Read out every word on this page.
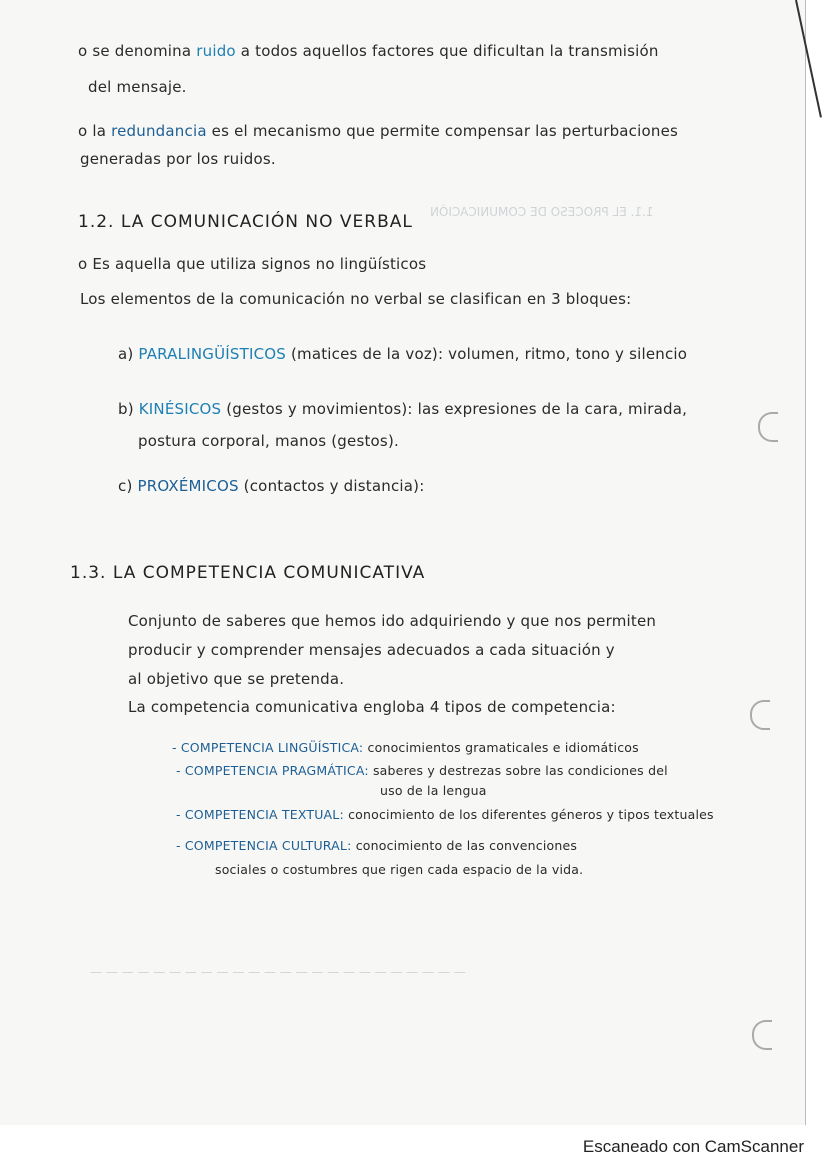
1.1. EL PROCESO DE COMUNICACIÓN
o se denomina ruido a todos aquellos factores que dificultan la transmisión
del mensaje.
o la redundancia es el mecanismo que permite compensar las perturbaciones
generadas por los ruidos.
1.2. LA COMUNICACIÓN NO VERBAL
o Es aquella que utiliza signos no lingüísticos
Los elementos de la comunicación no verbal se clasifican en 3 bloques:
a) PARALINGÜÍSTICOS (matices de la voz): volumen, ritmo, tono y silencio
b) KINÉSICOS (gestos y movimientos): las expresiones de la cara, mirada,
postura corporal, manos (gestos).
c) PROXÉMICOS (contactos y distancia):
1.3. LA COMPETENCIA COMUNICATIVA
Conjunto de saberes que hemos ido adquiriendo y que nos permiten
producir y comprender mensajes adecuados a cada situación y
al objetivo que se pretenda.
La competencia comunicativa engloba 4 tipos de competencia:
- COMPETENCIA LINGÜÍSTICA: conocimientos gramaticales e idiomáticos
- COMPETENCIA PRAGMÁTICA: saberes y destrezas sobre las condiciones del
uso de la lengua
- COMPETENCIA TEXTUAL: conocimiento de los diferentes géneros y tipos textuales
- COMPETENCIA CULTURAL: conocimiento de las convenciones
sociales o costumbres que rigen cada espacio de la vida.
— — — — — — — — — — — — — — — — — — — — — — — —
Escaneado con CamScanner
